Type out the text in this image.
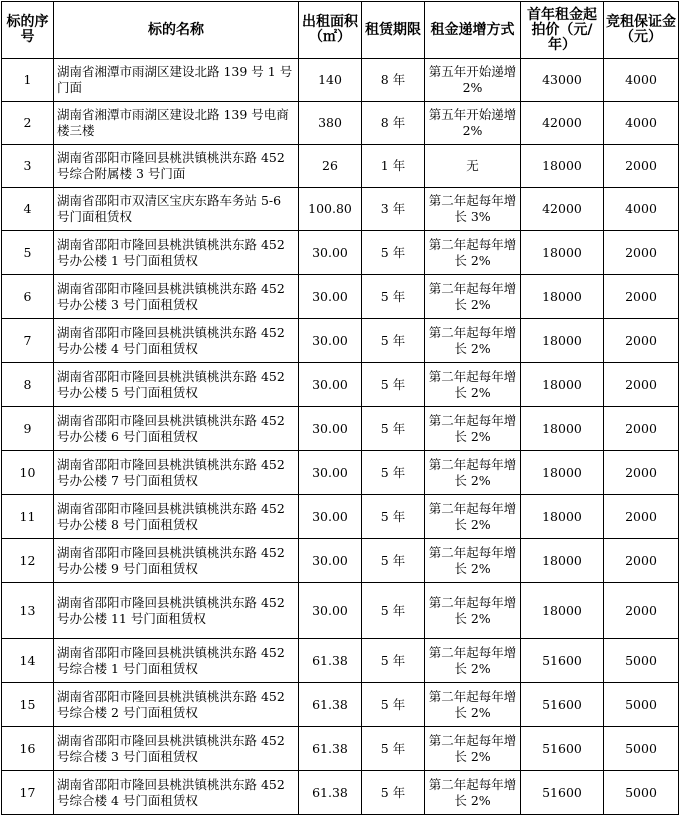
标的序号	标的名称	出租面积（㎡）	租赁期限	租金递增方式	首年租金起拍价（元/年）	竞租保证金（元）
1	湖南省湘潭市雨湖区建设北路 139 号 1 号门面	140	8 年	第五年开始递增 2%	43000	4000
2	湖南省湘潭市雨湖区建设北路 139 号电商楼三楼	380	8 年	第五年开始递增 2%	42000	4000
3	湖南省邵阳市隆回县桃洪镇桃洪东路 452 号综合附属楼 3 号门面	26	1 年	无	18000	2000
4	湖南省邵阳市双清区宝庆东路车务站 5-6 号门面租赁权	100.80	3 年	第二年起每年增长 3%	42000	4000
5	湖南省邵阳市隆回县桃洪镇桃洪东路 452 号办公楼 1 号门面租赁权	30.00	5 年	第二年起每年增长 2%	18000	2000
6	湖南省邵阳市隆回县桃洪镇桃洪东路 452 号办公楼 3 号门面租赁权	30.00	5 年	第二年起每年增长 2%	18000	2000
7	湖南省邵阳市隆回县桃洪镇桃洪东路 452 号办公楼 4 号门面租赁权	30.00	5 年	第二年起每年增长 2%	18000	2000
8	湖南省邵阳市隆回县桃洪镇桃洪东路 452 号办公楼 5 号门面租赁权	30.00	5 年	第二年起每年增长 2%	18000	2000
9	湖南省邵阳市隆回县桃洪镇桃洪东路 452 号办公楼 6 号门面租赁权	30.00	5 年	第二年起每年增长 2%	18000	2000
10	湖南省邵阳市隆回县桃洪镇桃洪东路 452 号办公楼 7 号门面租赁权	30.00	5 年	第二年起每年增长 2%	18000	2000
11	湖南省邵阳市隆回县桃洪镇桃洪东路 452 号办公楼 8 号门面租赁权	30.00	5 年	第二年起每年增长 2%	18000	2000
12	湖南省邵阳市隆回县桃洪镇桃洪东路 452 号办公楼 9 号门面租赁权	30.00	5 年	第二年起每年增长 2%	18000	2000
13	湖南省邵阳市隆回县桃洪镇桃洪东路 452 号办公楼 11 号门面租赁权	30.00	5 年	第二年起每年增长 2%	18000	2000
14	湖南省邵阳市隆回县桃洪镇桃洪东路 452 号综合楼 1 号门面租赁权	61.38	5 年	第二年起每年增长 2%	51600	5000
15	湖南省邵阳市隆回县桃洪镇桃洪东路 452 号综合楼 2 号门面租赁权	61.38	5 年	第二年起每年增长 2%	51600	5000
16	湖南省邵阳市隆回县桃洪镇桃洪东路 452 号综合楼 3 号门面租赁权	61.38	5 年	第二年起每年增长 2%	51600	5000
17	湖南省邵阳市隆回县桃洪镇桃洪东路 452 号综合楼 4 号门面租赁权	61.38	5 年	第二年起每年增长 2%	51600	5000
